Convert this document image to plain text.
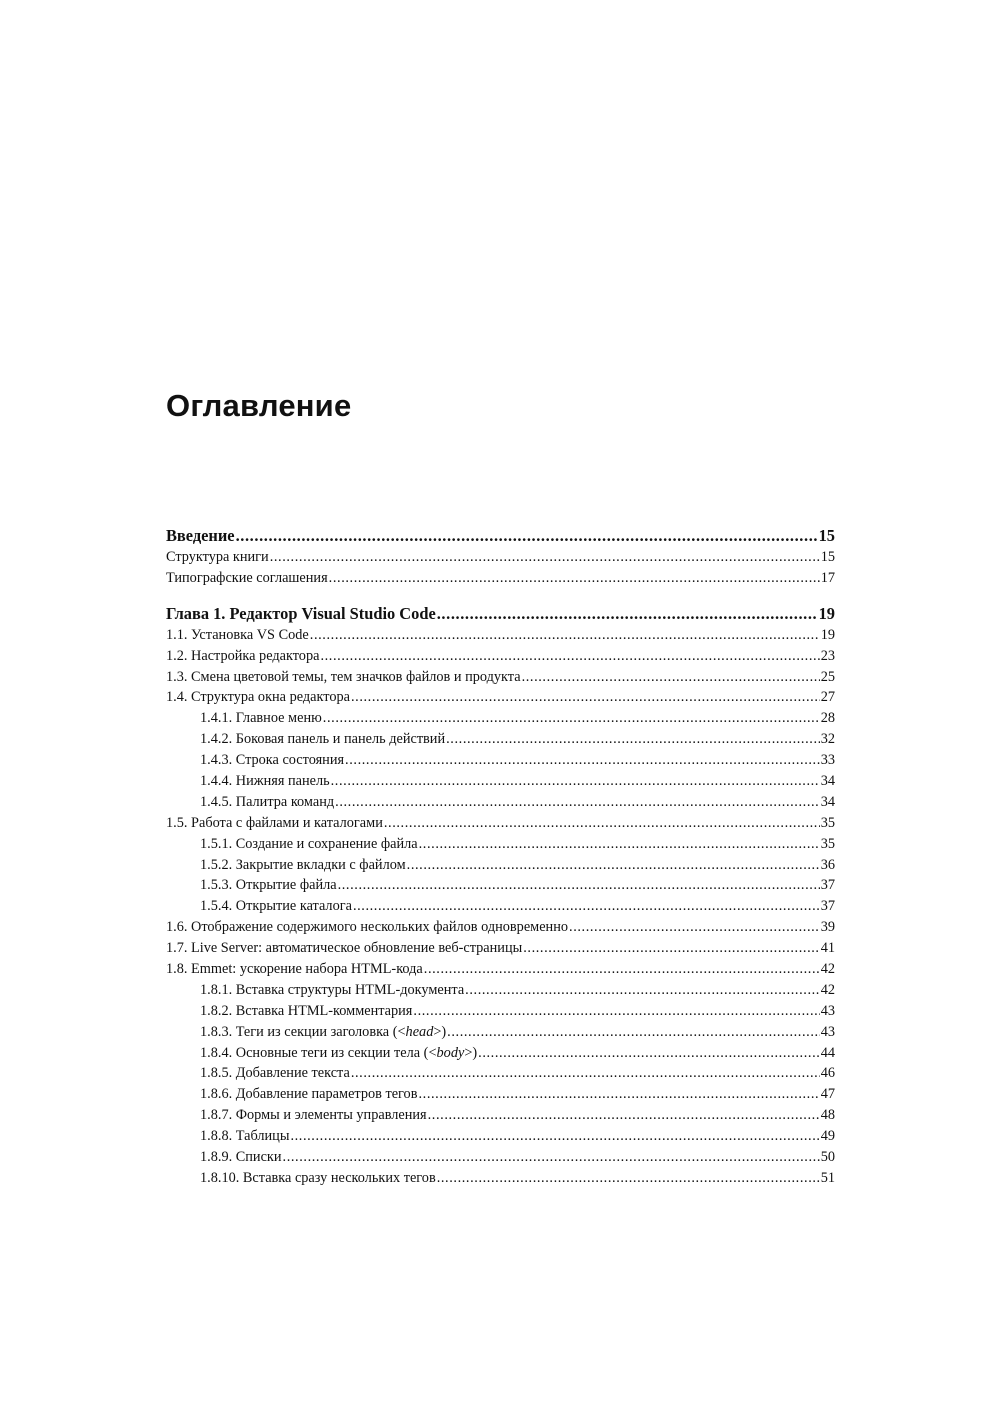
Оглавление
Введение .....	15
Структура книги .....	15
Типографские соглашения .....	17
Глава 1. Редактор Visual Studio Code .....	19
1.1. Установка VS Code .....	19
1.2. Настройка редактора .....	23
1.3. Смена цветовой темы, тем значков файлов и продукта .....	25
1.4. Структура окна редактора .....	27
1.4.1. Главное меню .....	28
1.4.2. Боковая панель и панель действий .....	32
1.4.3. Строка состояния .....	33
1.4.4. Нижняя панель .....	34
1.4.5. Палитра команд .....	34
1.5. Работа с файлами и каталогами .....	35
1.5.1. Создание и сохранение файла .....	35
1.5.2. Закрытие вкладки с файлом .....	36
1.5.3. Открытие файла .....	37
1.5.4. Открытие каталога .....	37
1.6. Отображение содержимого нескольких файлов одновременно .....	39
1.7. Live Server: автоматическое обновление веб-страницы .....	41
1.8. Emmet: ускорение набора HTML-кода .....	42
1.8.1. Вставка структуры HTML-документа .....	42
1.8.2. Вставка HTML-комментария .....	43
1.8.3. Теги из секции заголовка (<head>) .....	43
1.8.4. Основные теги из секции тела (<body>) .....	44
1.8.5. Добавление текста .....	46
1.8.6. Добавление параметров тегов .....	47
1.8.7. Формы и элементы управления .....	48
1.8.8. Таблицы .....	49
1.8.9. Списки .....	50
1.8.10. Вставка сразу нескольких тегов .....	51
